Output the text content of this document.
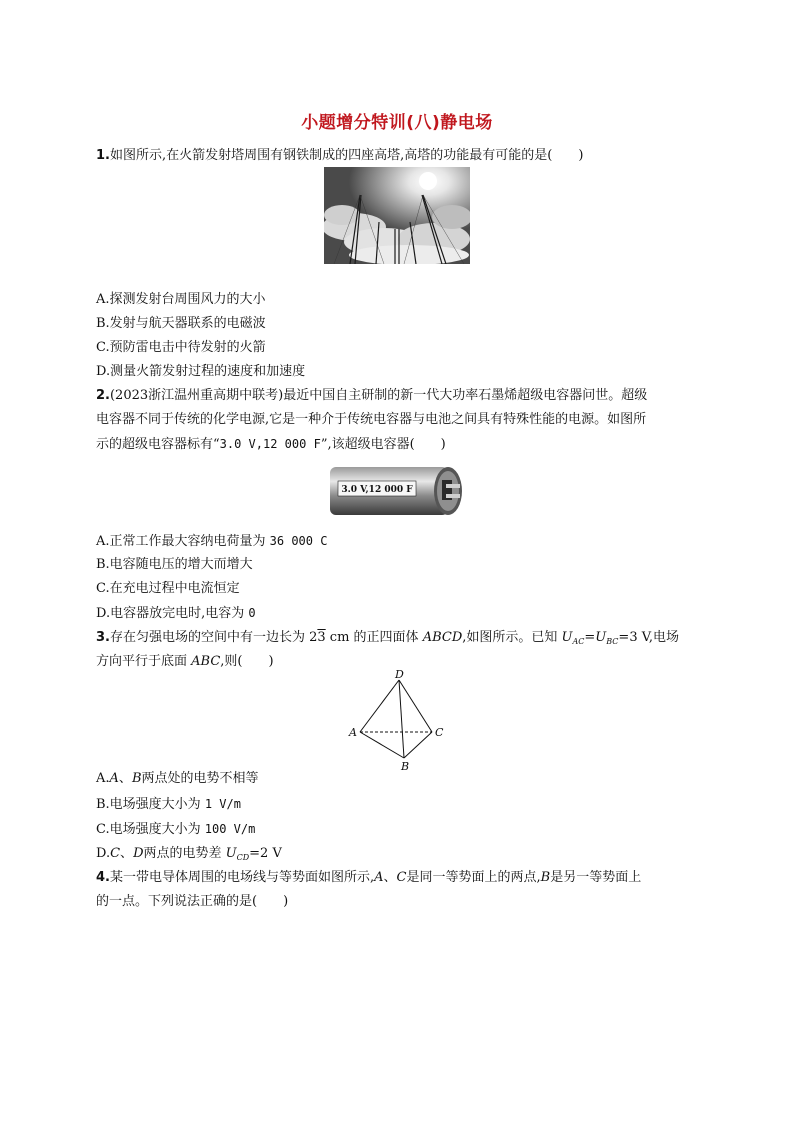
小题增分特训(八)静电场
1.如图所示,在火箭发射塔周围有钢铁制成的四座高塔,高塔的功能最有可能的是(　　)
A.探测发射台周围风力的大小
B.发射与航天器联系的电磁波
C.预防雷电击中待发射的火箭
D.测量火箭发射过程的速度和加速度
2.(2023浙江温州重高期中联考)最近中国自主研制的新一代大功率石墨烯超级电容器问世。超级
电容器不同于传统的化学电源,它是一种介于传统电容器与电池之间具有特殊性能的电源。如图所
示的超级电容器标有“3.0 V,12 000 F”,该超级电容器(　　)
3.0 V,12 000 F
A.正常工作最大容纳电荷量为 36 000 C
B.电容随电压的增大而增大
C.在充电过程中电流恒定
D.电容器放完电时,电容为 0
3.存在匀强电场的空间中有一边长为 23 cm 的正四面体 ABCD,如图所示。已知 $U_{AC}=U_{BC}=3$ V,电场
方向平行于底面 ABC,则(　　)
D
A	C
B
A.A、B两点处的电势不相等
B.电场强度大小为 1 V/m
C.电场强度大小为 100 V/m
D.C、D两点的电势差 $U_{CD}=2$ V
4.某一带电导体周围的电场线与等势面如图所示,A、C是同一等势面上的两点,B是另一等势面上
的一点。下列说法正确的是(　　)
